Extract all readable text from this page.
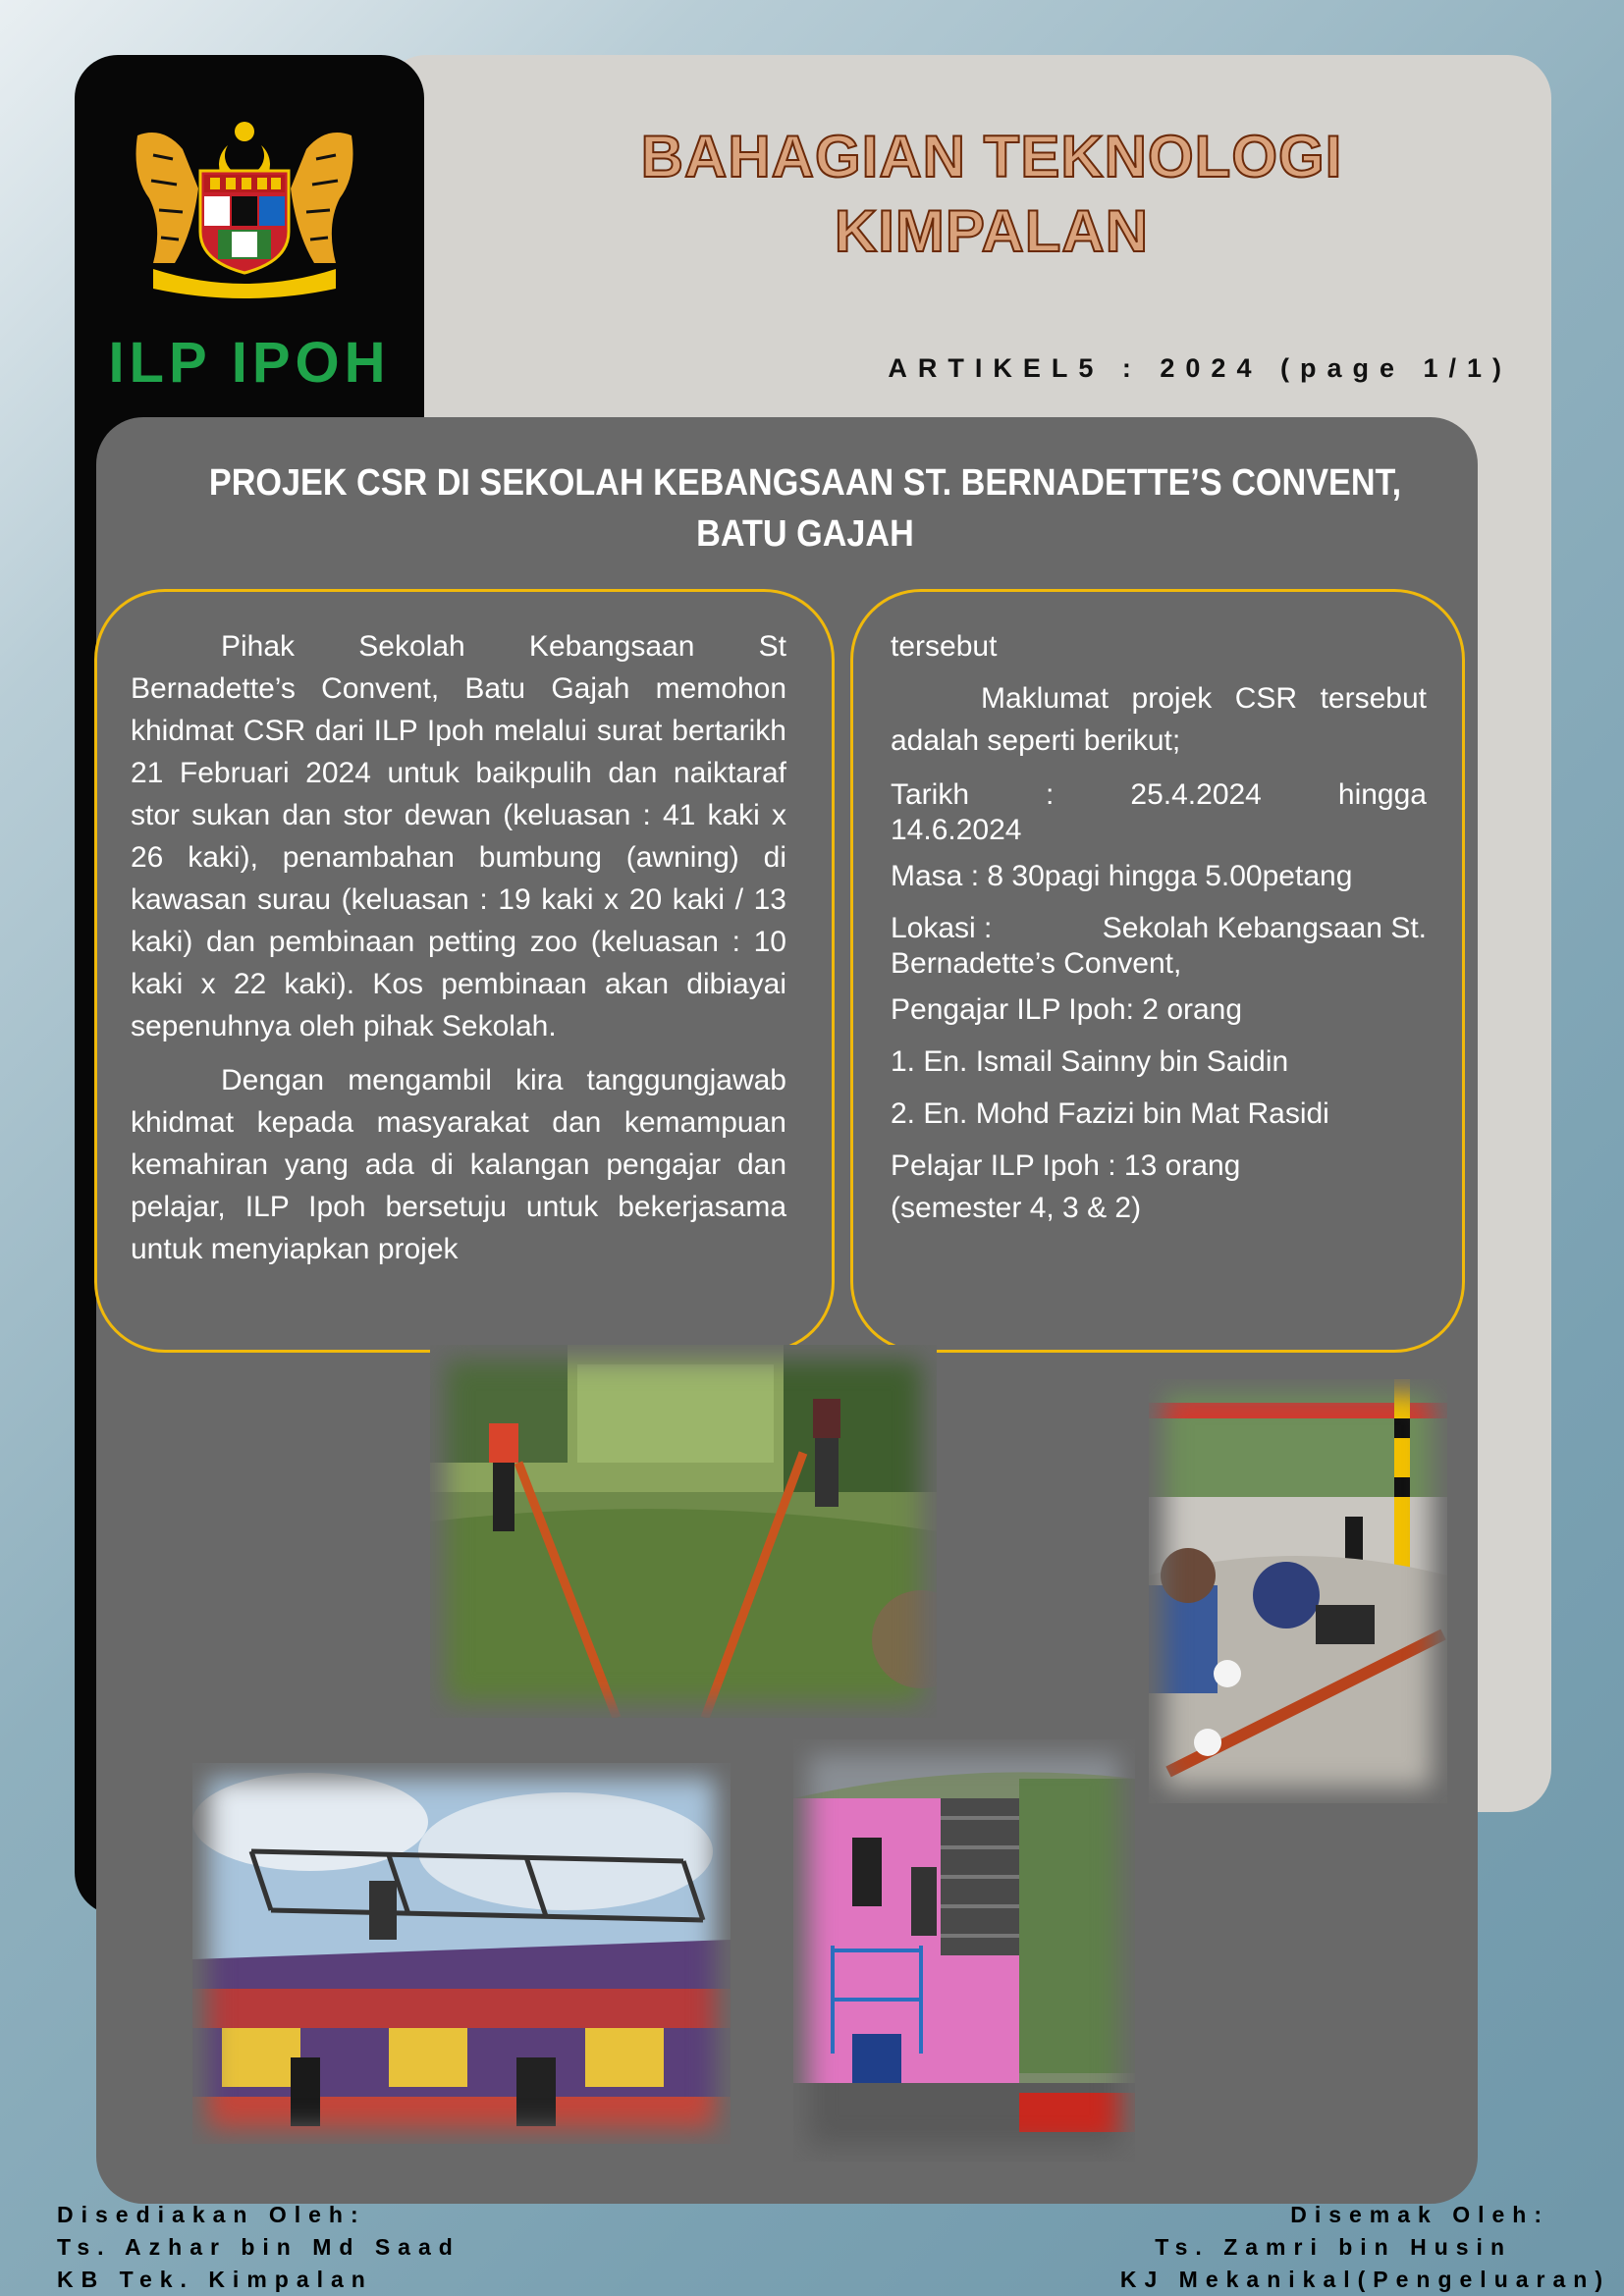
ILP IPOH
BAHAGIAN TEKNOLOGI
KIMPALAN
ARTIKEL5 : 2024 (page 1/1)
PROJEK CSR DI SEKOLAH KEBANGSAAN ST. BERNADETTE’S CONVENT,
BATU GAJAH

Pihak Sekolah Kebangsaan St Bernadette’s Convent, Batu Gajah memohon khidmat CSR dari ILP Ipoh melalui surat bertarikh 21 Februari 2024 untuk baikpulih dan naiktaraf stor sukan dan stor dewan (keluasan : 41 kaki x 26 kaki), penambahan bumbung (awning) di kawasan surau (keluasan : 19 kaki x 20 kaki / 13 kaki) dan pembinaan petting zoo (keluasan : 10 kaki x 22 kaki). Kos pembinaan akan dibiayai sepenuhnya oleh pihak Sekolah.

Dengan mengambil kira tanggungjawab khidmat kepada masyarakat dan kemampuan kemahiran yang ada di kalangan pengajar dan pelajar, ILP Ipoh bersetuju untuk bekerjasama untuk menyiapkan projek

tersebut

Maklumat projek CSR tersebut adalah seperti berikut;

Tarikh	:	25.4.2024	hingga
14.6.2024
Masa : 8 30pagi hingga 5.00petang
Lokasi :	Sekolah Kebangsaan St.
Bernadette’s Convent,
Pengajar ILP Ipoh: 2 orang
1. En. Ismail Sainny bin Saidin
2. En. Mohd Fazizi bin Mat Rasidi
Pelajar ILP Ipoh : 13 orang
(semester 4, 3 & 2)
Disediakan Oleh:
Ts. Azhar bin Md Saad
KB Tek. Kimpalan
Disemak Oleh:
Ts. Zamri bin Husin
KJ Mekanikal(Pengeluaran)
